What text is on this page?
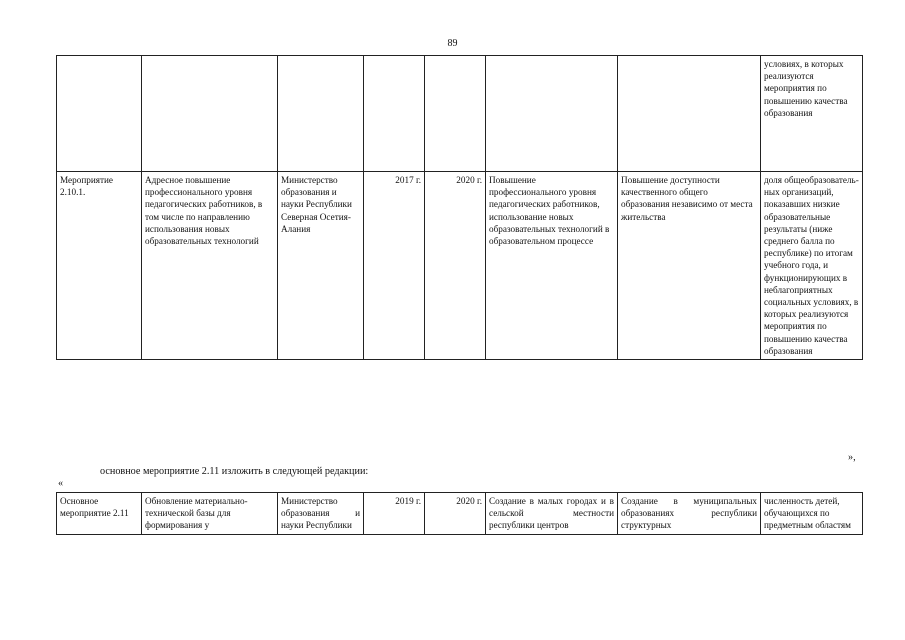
89
							условиях, в которых реализуются мероприятия по повышению качества образования
Мероприятие 2.10.1.	Адресное повышение профессионального уровня педагогических работников, в том числе по направлению использования новых образовательных технологий	Министерство образования и науки Республики Северная Осетия-Алания	2017 г.	2020 г.	Повышение профессионального уровня педагогических работников, использование новых образовательных технологий в образовательном процессе	Повышение доступности качественного общего образования независимо от места жительства	доля общеобразователь-ных организаций, показавших низкие образовательные результаты (ниже среднего балла по республике) по итогам учебного года, и функционирующих в неблагоприятных социальных условиях, в которых реализуются мероприятия по повышению качества образования
»,
основное мероприятие 2.11 изложить в следующей редакции:
«
Основное мероприятие 2.11	Обновление материально-технической базы для формирования у	Министерство образования и науки Республики	2019 г.	2020 г.	Создание в малых городах и в сельской местности республики центров	Создание в муниципальных образованиях республики структурных	численность детей, обучающихся по предметным областям
